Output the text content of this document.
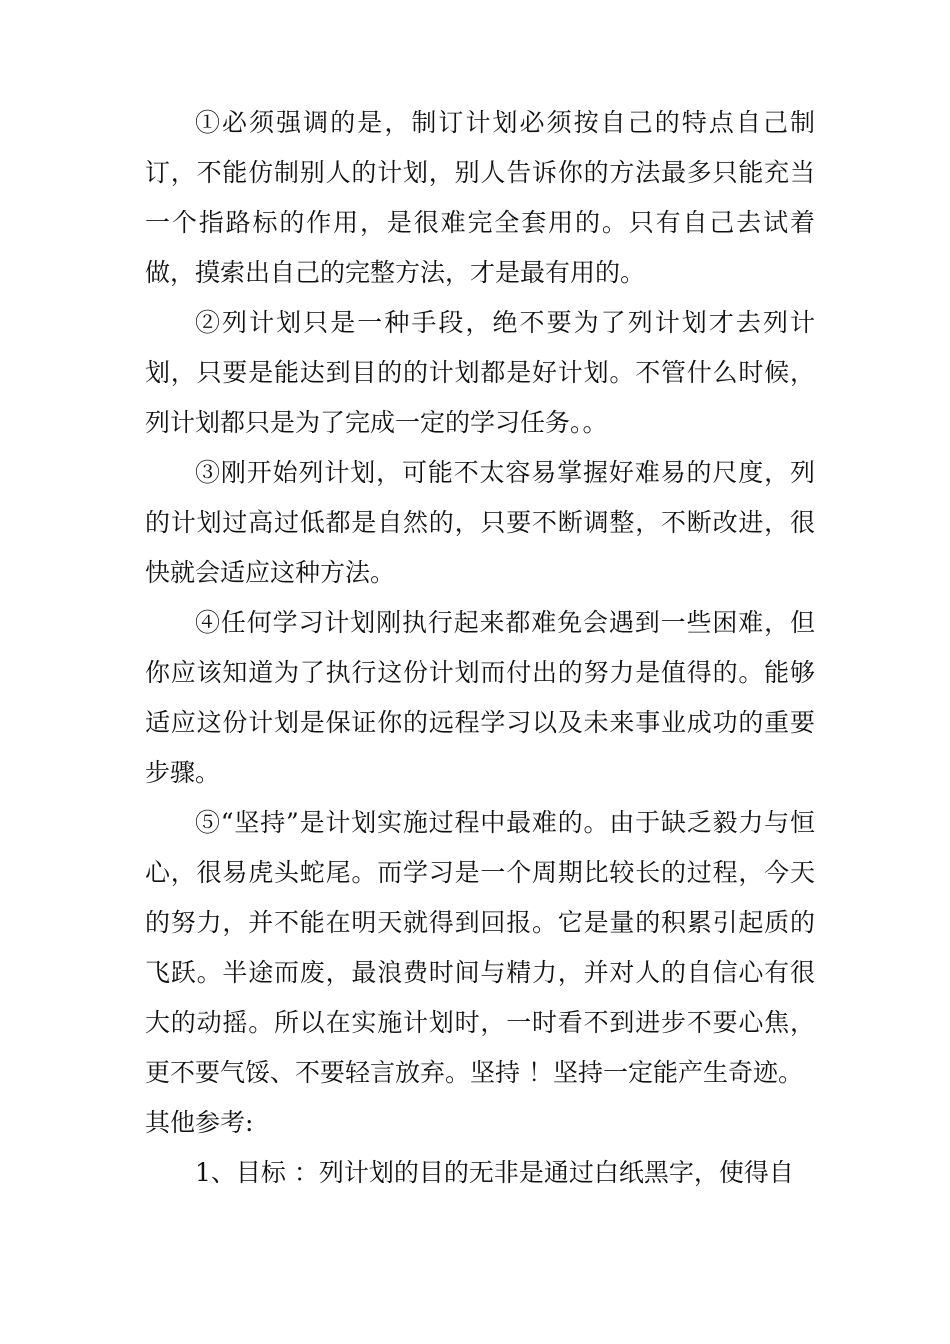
①必须强调的是，制订计划必须按自己的特点自己制订，不能仿制别人的计划，别人告诉你的方法最多只能充当一个指路标的作用，是很难完全套用的。只有自己去试着做，摸索出自己的完整方法，才是最有用的。

②列计划只是一种手段，绝不要为了列计划才去列计划，只要是能达到目的的计划都是好计划。不管什么时候，列计划都只是为了完成一定的学习任务。。

③刚开始列计划，可能不太容易掌握好难易的尺度，列的计划过高过低都是自然的，只要不断调整，不断改进，很快就会适应这种方法。

④任何学习计划刚执行起来都难免会遇到一些困难，但你应该知道为了执行这份计划而付出的努力是值得的。能够适应这份计划是保证你的远程学习以及未来事业成功的重要步骤。

⑤“坚持”是计划实施过程中最难的。由于缺乏毅力与恒心，很易虎头蛇尾。而学习是一个周期比较长的过程，今天的努力，并不能在明天就得到回报。它是量的积累引起质的飞跃。半途而废，最浪费时间与精力，并对人的自信心有很大的动摇。所以在实施计划时，一时看不到进步不要心焦，更不要气馁、不要轻言放弃。坚持 ！坚持一定能产生奇迹。

其他参考:

1、目标 ：列计划的目的无非是通过白纸黑字，使得自
